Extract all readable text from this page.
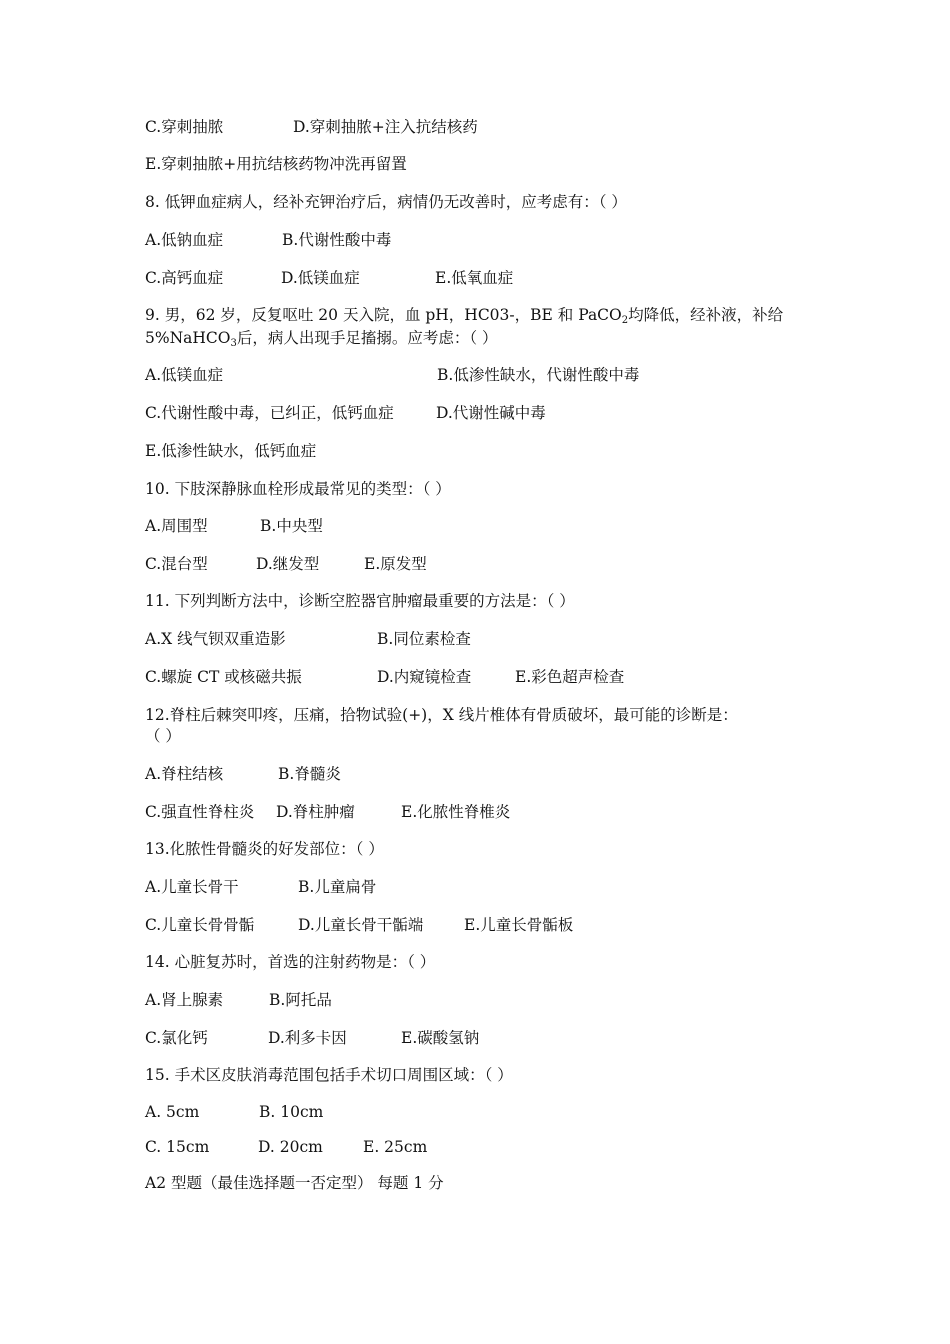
C.穿刺抽脓	D.穿刺抽脓+注入抗结核药
E.穿刺抽脓+用抗结核药物冲洗再留置
8. 低钾血症病人，经补充钾治疗后，病情仍无改善时，应考虑有：（ ）
A.低钠血症	B.代谢性酸中毒
C.高钙血症	D.低镁血症	E.低氧血症
9. 男，62 岁，反复呕吐 20 天入院，血 pH，HC03-，BE 和 PaCO$_2$均降低，经补液，补给
5%NaHCO$_3$后，病人出现手足搐搦。应考虑：（ ）
A.低镁血症	B.低渗性缺水，代谢性酸中毒
C.代谢性酸中毒，已纠正，低钙血症	D.代谢性碱中毒
E.低渗性缺水，低钙血症
10. 下肢深静脉血栓形成最常见的类型：（ ）
A.周围型	B.中央型
C.混台型	D.继发型	E.原发型
11. 下列判断方法中，诊断空腔器官肿瘤最重要的方法是：（ ）
A.X 线气钡双重造影	B.同位素检查
C.螺旋 CT 或核磁共振	D.内窥镜检查	E.彩色超声检查
12.脊柱后棘突叩疼，压痛，拾物试验(+)，X 线片椎体有骨质破坏，最可能的诊断是：
（ ）
A.脊柱结核	B.脊髓炎
C.强直性脊柱炎 D.脊柱肿瘤	E.化脓性脊椎炎
13.化脓性骨髓炎的好发部位：（ ）
A.儿童长骨干	B.儿童扁骨
C.儿童长骨骨骺	D.儿童长骨干骺端	E.儿童长骨骺板
14. 心脏复苏时，首选的注射药物是：（ ）
A.肾上腺素	B.阿托品
C.氯化钙	D.利多卡因	E.碳酸氢钠
15. 手术区皮肤消毒范围包括手术切口周围区域：（ ）
A. 5cm	B. 10cm
C. 15cm	D. 20cm	E. 25cm
A2 型题（最佳选择题一否定型） 每题 1 分
